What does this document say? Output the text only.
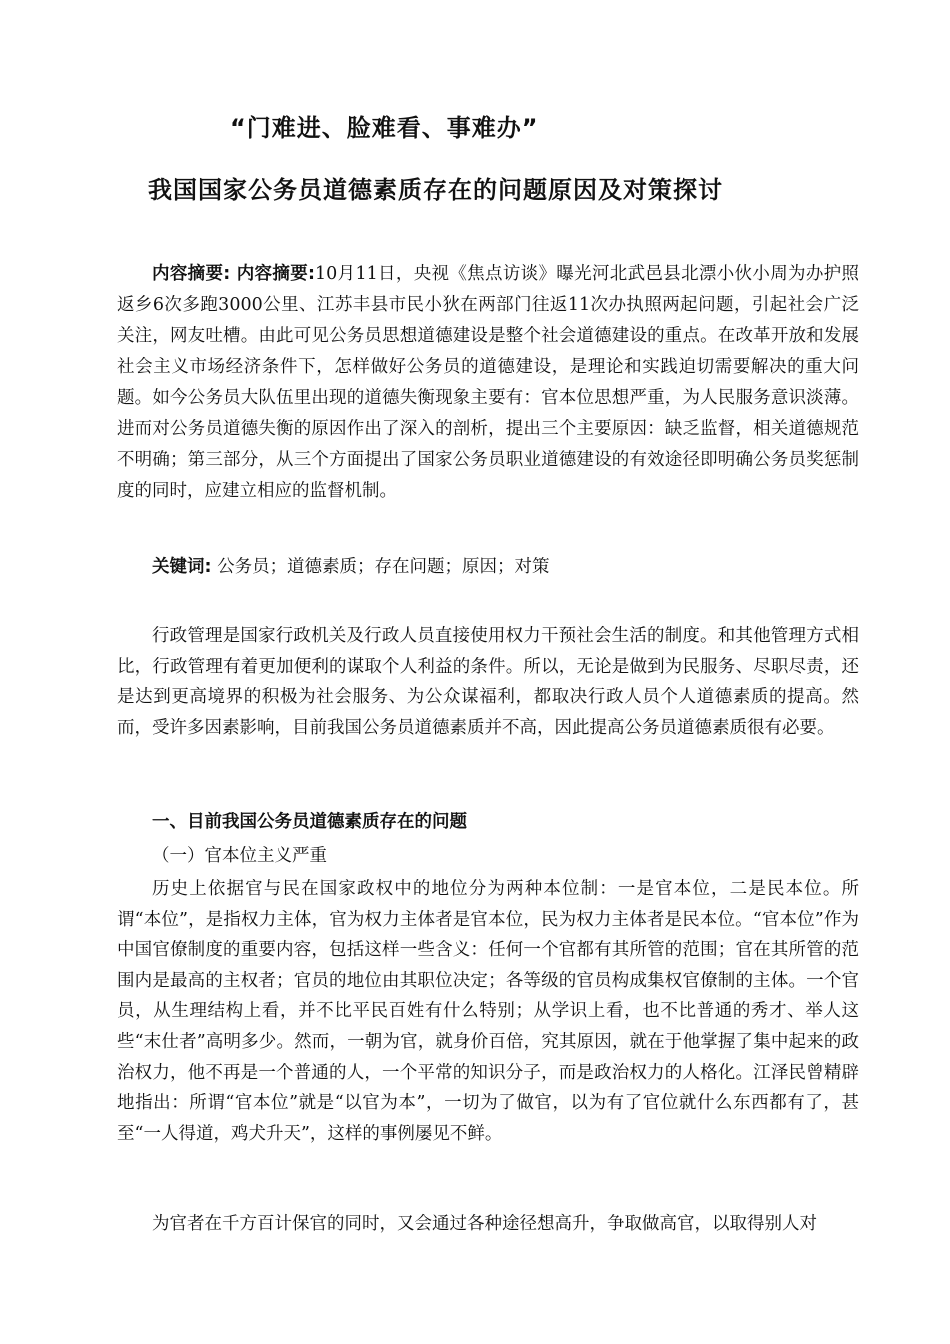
“门难进、脸难看、事难办”
我国国家公务员道德素质存在的问题原因及对策探讨

内容摘要: 内容摘要:10月11日，央视《焦点访谈》曝光河北武邑县北漂小伙小周为办护照返乡6次多跑3000公里、江苏丰县市民小狄在两部门往返11次办执照两起问题，引起社会广泛关注，网友吐槽。由此可见公务员思想道德建设是整个社会道德建设的重点。在改革开放和发展社会主义市场经济条件下，怎样做好公务员的道德建设，是理论和实践迫切需要解决的重大问题。如今公务员大队伍里出现的道德失衡现象主要有：官本位思想严重，为人民服务意识淡薄。进而对公务员道德失衡的原因作出了深入的剖析，提出三个主要原因：缺乏监督，相关道德规范不明确；第三部分，从三个方面提出了国家公务员职业道德建设的有效途径即明确公务员奖惩制度的同时，应建立相应的监督机制。

关键词: 公务员；道德素质；存在问题；原因；对策

行政管理是国家行政机关及行政人员直接使用权力干预社会生活的制度。和其他管理方式相比，行政管理有着更加便利的谋取个人利益的条件。所以，无论是做到为民服务、尽职尽责，还是达到更高境界的积极为社会服务、为公众谋福利，都取决行政人员个人道德素质的提高。然而，受许多因素影响，目前我国公务员道德素质并不高，因此提高公务员道德素质很有必要。

一、目前我国公务员道德素质存在的问题

（一）官本位主义严重

历史上依据官与民在国家政权中的地位分为两种本位制：一是官本位，二是民本位。所谓“本位”，是指权力主体，官为权力主体者是官本位，民为权力主体者是民本位。“官本位”作为中国官僚制度的重要内容，包括这样一些含义：任何一个官都有其所管的范围；官在其所管的范围内是最高的主权者；官员的地位由其职位决定；各等级的官员构成集权官僚制的主体。一个官员，从生理结构上看，并不比平民百姓有什么特别；从学识上看，也不比普通的秀才、举人这些“末仕者”高明多少。然而，一朝为官，就身价百倍，究其原因，就在于他掌握了集中起来的政治权力，他不再是一个普通的人，一个平常的知识分子，而是政治权力的人格化。江泽民曾精辟地指出：所谓“官本位”就是“以官为本”，一切为了做官，以为有了官位就什么东西都有了，甚至“一人得道，鸡犬升天”，这样的事例屡见不鲜。

为官者在千方百计保官的同时，又会通过各种途径想高升，争取做高官，以取得别人对
